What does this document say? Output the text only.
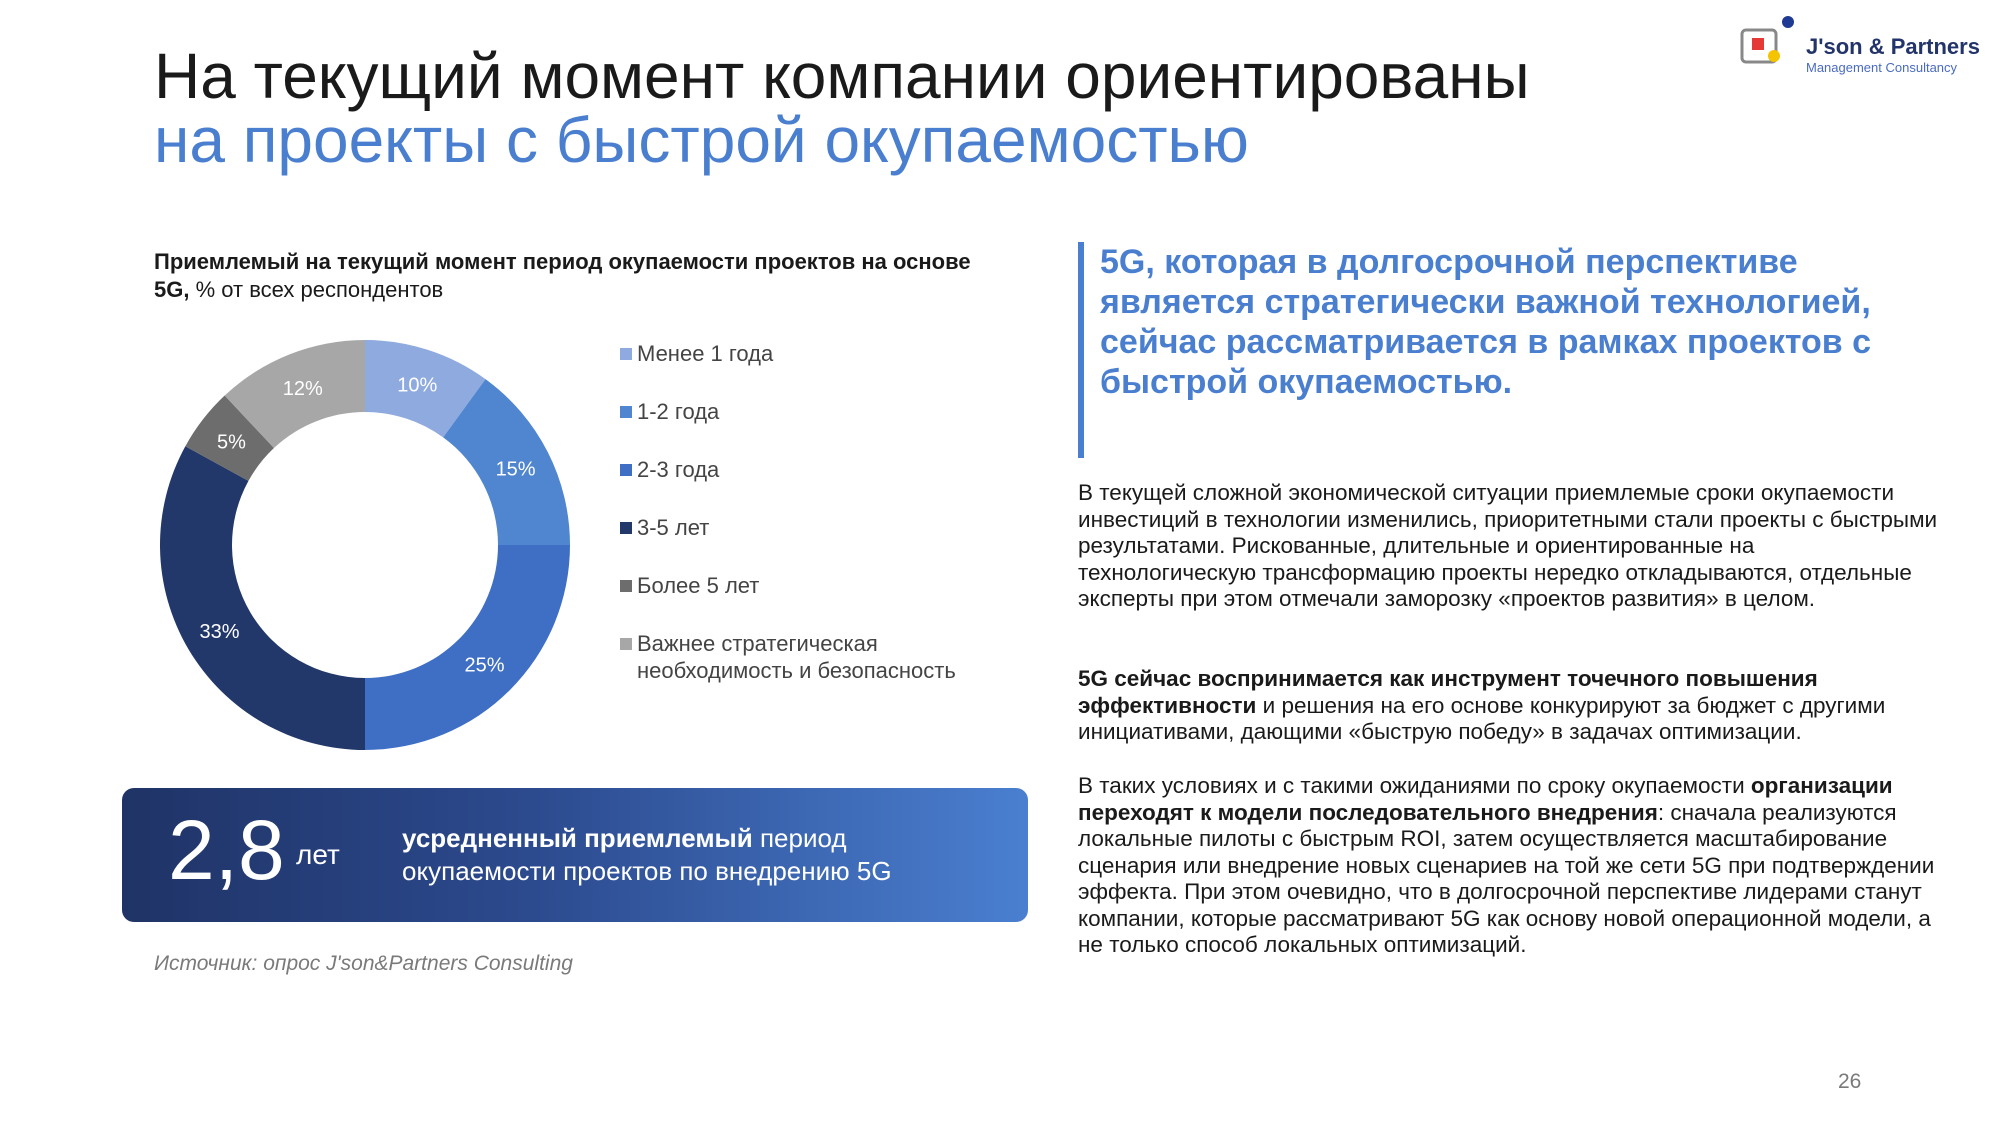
На текущий момент компании ориентированы
на проекты с быстрой окупаемостью
J'son & Partners
Management Consultancy
Приемлемый на текущий момент период окупаемости проектов на основе 5G, % от всех респондентов
10%
15%
25%
33%
5%
12%
Менее 1 года
1-2 года
2-3 года
3-5 лет
Более 5 лет
Важнее стратегическая необходимость и безопасность
2,8 лет
усредненный приемлемый период окупаемости проектов по внедрению 5G
Источник: опрос J'son&Partners Consulting
5G, которая в долгосрочной перспективе является стратегически важной технологией, сейчас рассматривается в рамках проектов с быстрой окупаемостью.
В текущей сложной экономической ситуации приемлемые сроки окупаемости инвестиций в технологии изменились, приоритетными стали проекты с быстрыми результатами. Рискованные, длительные и ориентированные на технологическую трансформацию проекты нередко откладываются, отдельные эксперты при этом отмечали заморозку «проектов развития» в целом.
5G сейчас воспринимается как инструмент точечного повышения эффективности и решения на его основе конкурируют за бюджет с другими инициативами, дающими «быструю победу» в задачах оптимизации.
В таких условиях и с такими ожиданиями по сроку окупаемости организации переходят к модели последовательного внедрения: сначала реализуются локальные пилоты с быстрым ROI, затем осуществляется масштабирование сценария или внедрение новых сценариев на той же сети 5G при подтверждении эффекта. При этом очевидно, что в долгосрочной перспективе лидерами станут компании, которые рассматривают 5G как основу новой операционной модели, а не только способ локальных оптимизаций.
26
